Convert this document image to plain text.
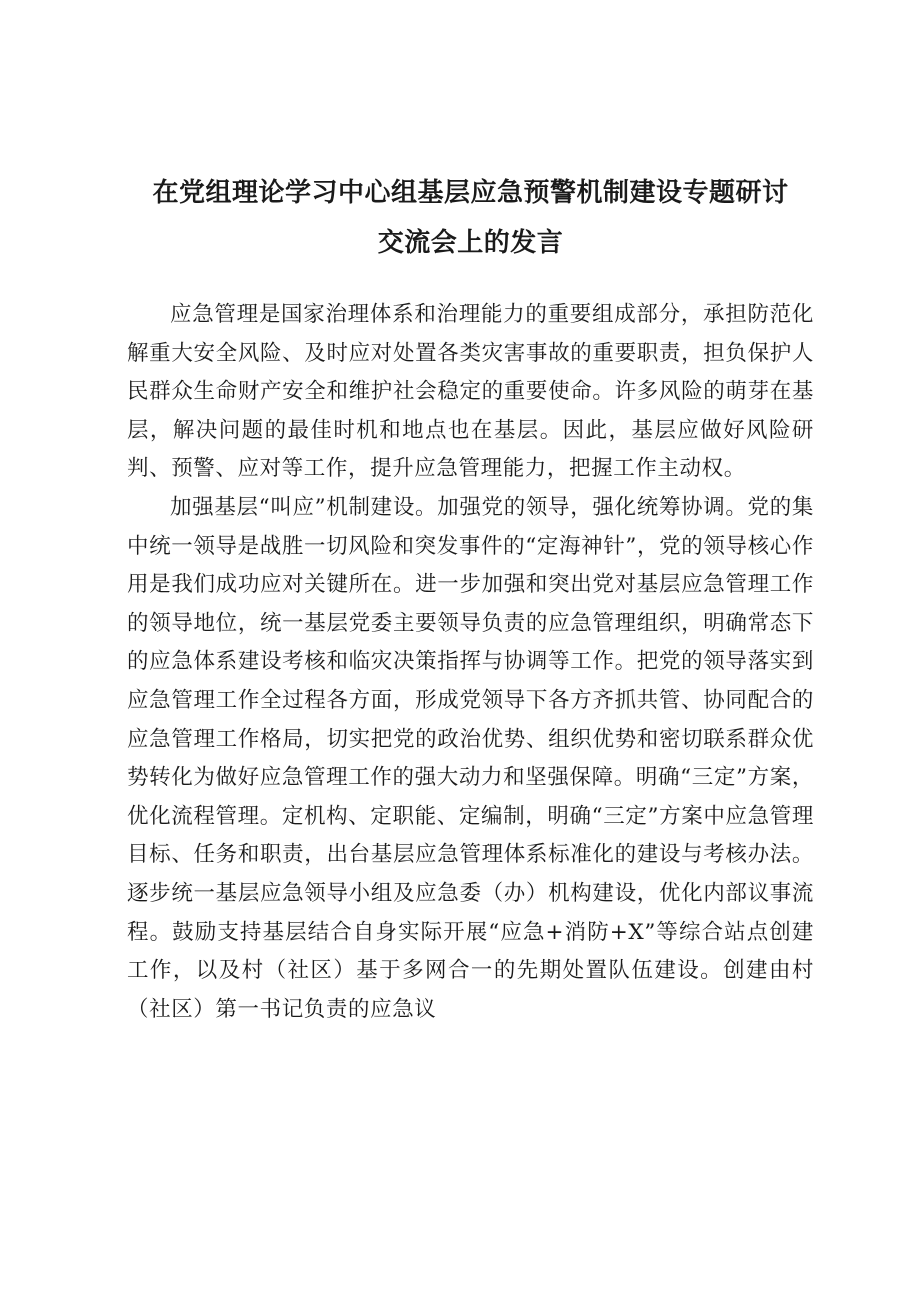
在党组理论学习中心组基层应急预警机制建设专题研讨
交流会上的发言

应急管理是国家治理体系和治理能力的重要组成部分，承担防范化解重大安全风险、及时应对处置各类灾害事故的重要职责，担负保护人民群众生命财产安全和维护社会稳定的重要使命。许多风险的萌芽在基层，解决问题的最佳时机和地点也在基层。因此，基层应做好风险研判、预警、应对等工作，提升应急管理能力，把握工作主动权。

加强基层“叫应”机制建设。加强党的领导，强化统筹协调。党的集中统一领导是战胜一切风险和突发事件的“定海神针”，党的领导核心作用是我们成功应对关键所在。进一步加强和突出党对基层应急管理工作的领导地位，统一基层党委主要领导负责的应急管理组织，明确常态下的应急体系建设考核和临灾决策指挥与协调等工作。把党的领导落实到应急管理工作全过程各方面，形成党领导下各方齐抓共管、协同配合的应急管理工作格局，切实把党的政治优势、组织优势和密切联系群众优势转化为做好应急管理工作的强大动力和坚强保障。明确“三定”方案，优化流程管理。定机构、定职能、定编制，明确“三定”方案中应急管理目标、任务和职责，出台基层应急管理体系标准化的建设与考核办法。逐步统一基层应急领导小组及应急委（办）机构建设，优化内部议事流程。鼓励支持基层结合自身实际开展“应急+消防+X”等综合站点创建工作，以及村（社区）基于多网合一的先期处置队伍建设。创建由村（社区）第一书记负责的应急议
